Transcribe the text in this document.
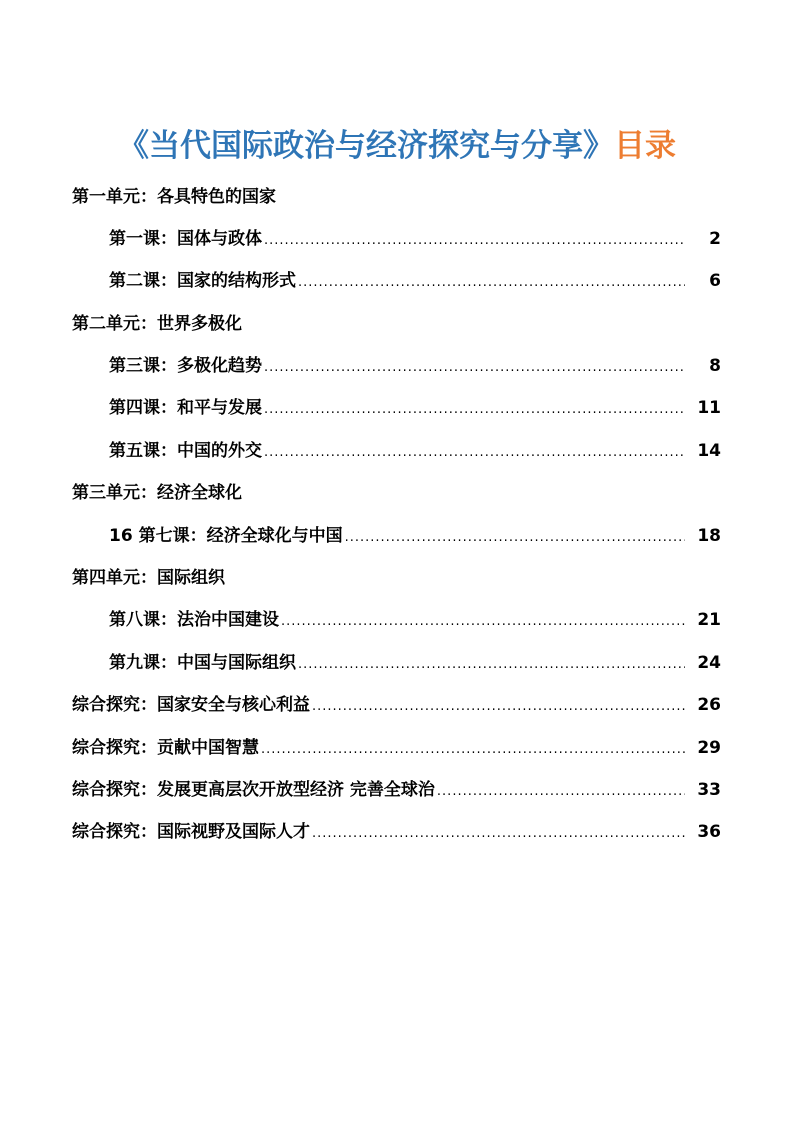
《当代国际政治与经济探究与分享》目录
第一单元：各具特色的国家
第一课：国体与政体 .....	2
第二课：国家的结构形式 .....	6
第二单元：世界多极化
第三课：多极化趋势 .....	8
第四课：和平与发展 .....	11
第五课：中国的外交 .....	14
第三单元：经济全球化
16 第七课：经济全球化与中国 .....	18
第四单元：国际组织
第八课：法治中国建设 .....	21
第九课：中国与国际组织 .....	24
综合探究：国家安全与核心利益 .....	26
综合探究：贡献中国智慧 .....	29
综合探究：发展更高层次开放型经济 完善全球治 .....	33
综合探究：国际视野及国际人才 .....	36
